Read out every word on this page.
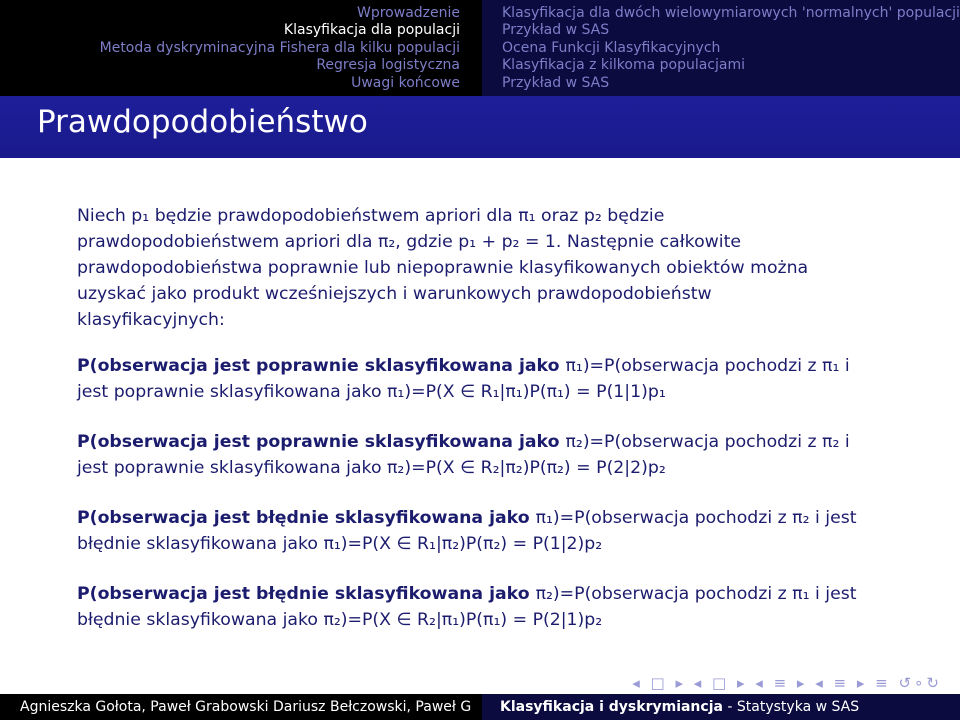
Wprowadzenie
Klasyfikacja dla populacji
Metoda dyskryminacyjna Fishera dla kilku populacji
Regresja logistyczna
Uwagi końcowe
Klasyfikacja dla dwóch wielowymiarowych 'normalnych' populacji
Przykład w SAS
Ocena Funkcji Klasyfikacyjnych
Klasyfikacja z kilkoma populacjami
Przykład w SAS
Prawdopodobieństwo
Niech p₁ będzie prawdopodobieństwem apriori dla π₁ oraz p₂ będzie
prawdopodobieństwem apriori dla π₂, gdzie p₁ + p₂ = 1. Następnie całkowite
prawdopodobieństwa poprawnie lub niepoprawnie klasyfikowanych obiektów można
uzyskać jako produkt wcześniejszych i warunkowych prawdopodobieństw
klasyfikacyjnych:
P(obserwacja jest poprawnie sklasyfikowana jako π₁)=P(obserwacja pochodzi z π₁ i
jest poprawnie sklasyfikowana jako π₁)=P(X ∈ R₁|π₁)P(π₁) = P(1|1)p₁
P(obserwacja jest poprawnie sklasyfikowana jako π₂)=P(obserwacja pochodzi z π₂ i
jest poprawnie sklasyfikowana jako π₂)=P(X ∈ R₂|π₂)P(π₂) = P(2|2)p₂
P(obserwacja jest błędnie sklasyfikowana jako π₁)=P(obserwacja pochodzi z π₂ i jest
błędnie sklasyfikowana jako π₁)=P(X ∈ R₁|π₂)P(π₂) = P(1|2)p₂
P(obserwacja jest błędnie sklasyfikowana jako π₂)=P(obserwacja pochodzi z π₁ i jest
błędnie sklasyfikowana jako π₂)=P(X ∈ R₂|π₁)P(π₁) = P(2|1)p₂
◂ □ ▸ ◂ □ ▸ ◂ ≡ ▸ ◂ ≡ ▸ ≡ ↺∘↻
Agnieszka Gołota, Paweł Grabowski Dariusz Bełczowski, Paweł G	Klasyfikacja i dyskrymiancja - Statystyka w SAS
